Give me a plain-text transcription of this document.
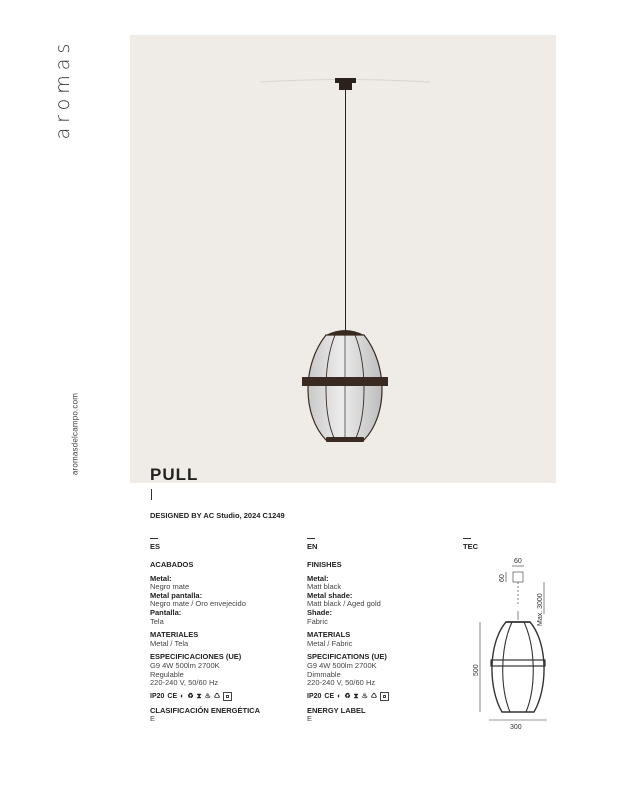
aromas
aromasdelcampo.com	PULL
DESIGNED BY AC Studio, 2024 C1249
ES	EN	TEC
ACABADOS
Metal:
Negro mate
Metal pantalla:
Negro mate / Oro envejecido
Pantalla:
Tela
MATERIALES
Metal / Tela
ESPECIFICACIONES (UE)
G9 4W 500lm 2700K
Regulable
220-240 V, 50/60 Hz
IP20 CE ◐ ♻ ⧗ ♨ ♺
CLASIFICACIÓN ENERGÉTICA
E
FINISHES
Metal:
Matt black
Metal shade:
Matt black / Aged gold
Shade:
Fabric
MATERIALS
Metal / Fabric
SPECIFICATIONS (UE)
G9 4W 500lm 2700K
Dimmable
220-240 V, 50/60 Hz
IP20 CE ◐ ♻ ⧗ ♨ ♺
ENERGY LABEL
E
60
60
Max. 3000
500
300
